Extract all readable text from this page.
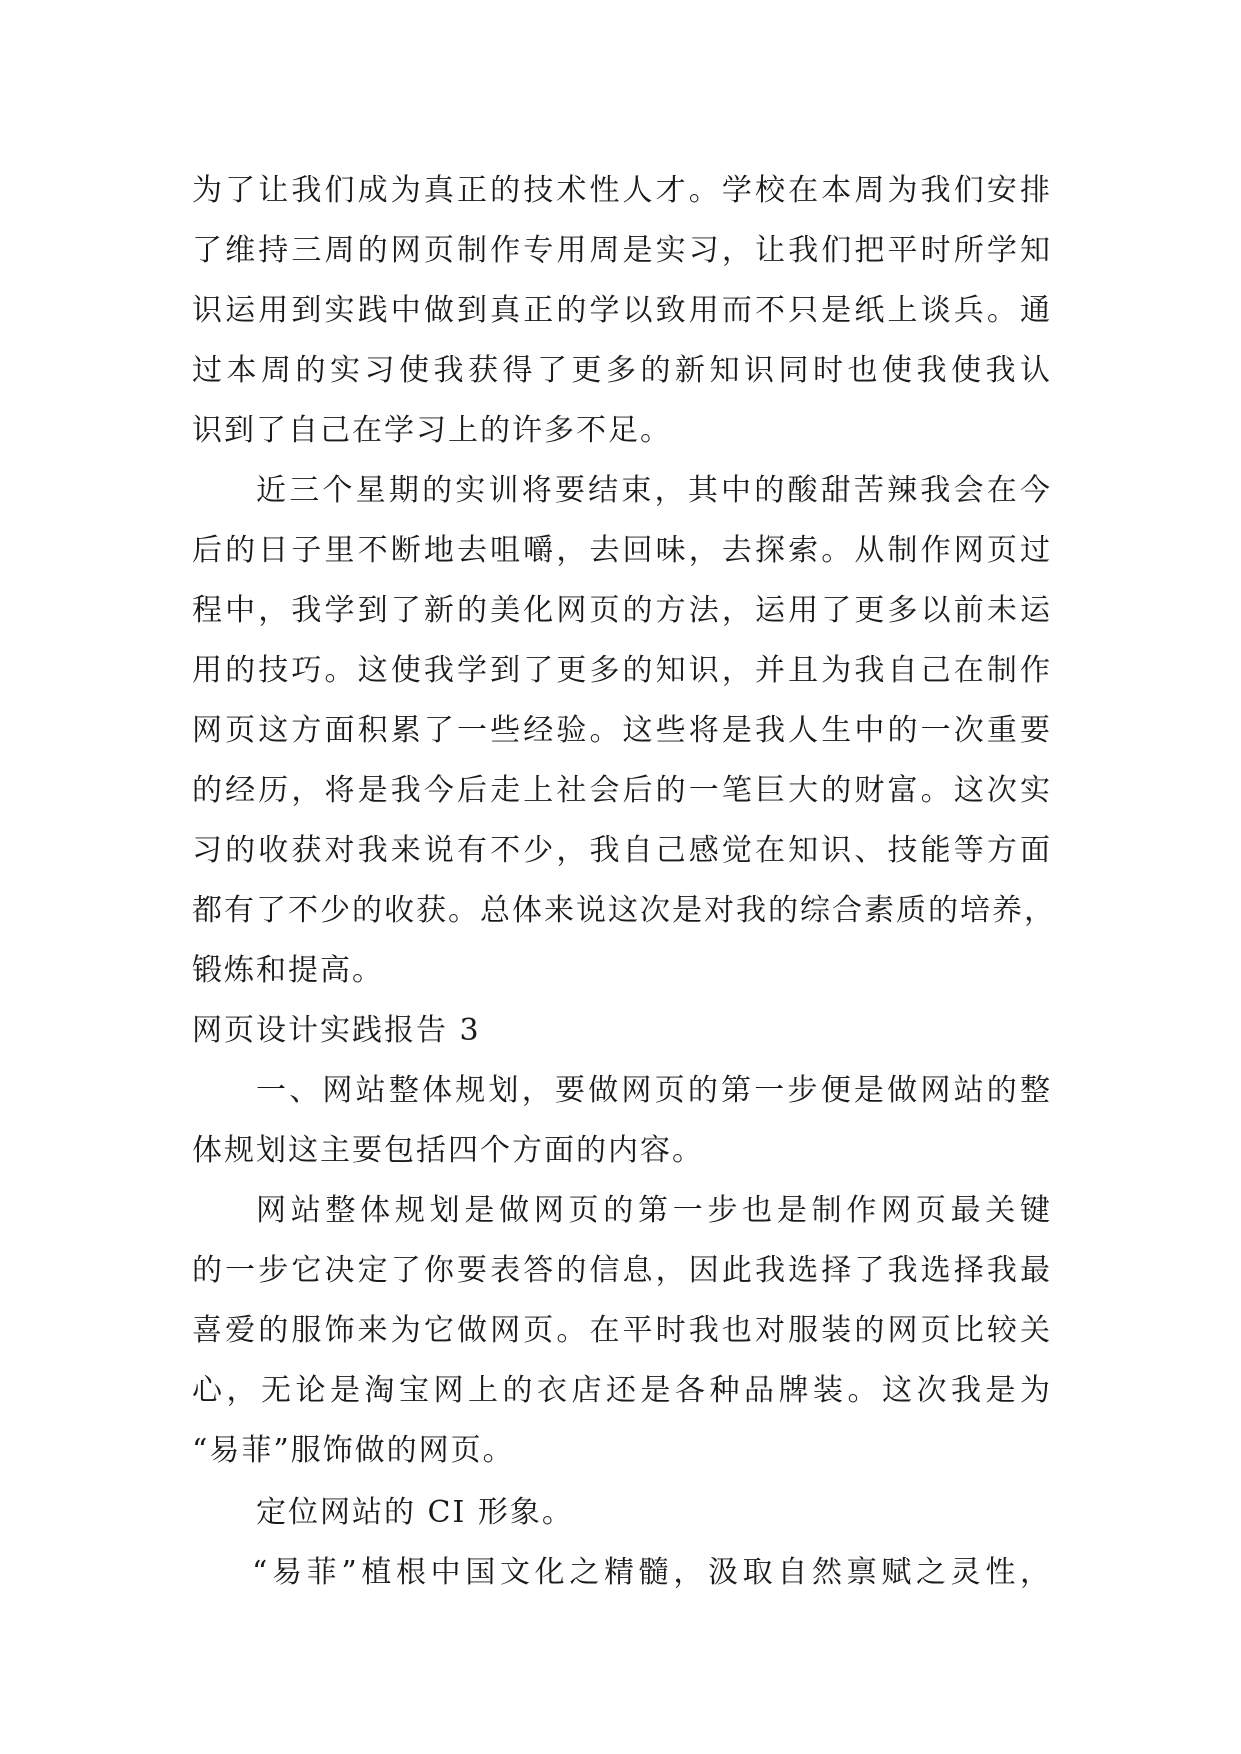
为了让我们成为真正的技术性人才。学校在本周为我们安排
了维持三周的网页制作专用周是实习，让我们把平时所学知
识运用到实践中做到真正的学以致用而不只是纸上谈兵。通
过本周的实习使我获得了更多的新知识同时也使我使我认
识到了自己在学习上的许多不足。
近三个星期的实训将要结束，其中的酸甜苦辣我会在今
后的日子里不断地去咀嚼，去回味，去探索。从制作网页过
程中，我学到了新的美化网页的方法，运用了更多以前未运
用的技巧。这使我学到了更多的知识，并且为我自己在制作
网页这方面积累了一些经验。这些将是我人生中的一次重要
的经历，将是我今后走上社会后的一笔巨大的财富。这次实
习的收获对我来说有不少，我自己感觉在知识、技能等方面
都有了不少的收获。总体来说这次是对我的综合素质的培养，
锻炼和提高。
网页设计实践报告 3
一、网站整体规划，要做网页的第一步便是做网站的整
体规划这主要包括四个方面的内容。
网站整体规划是做网页的第一步也是制作网页最关键
的一步它决定了你要表答的信息，因此我选择了我选择我最
喜爱的服饰来为它做网页。在平时我也对服装的网页比较关
心，无论是淘宝网上的衣店还是各种品牌装。这次我是为
“易菲”服饰做的网页。
定位网站的 CI 形象。
“易菲”植根中国文化之精髓，汲取自然禀赋之灵性，
